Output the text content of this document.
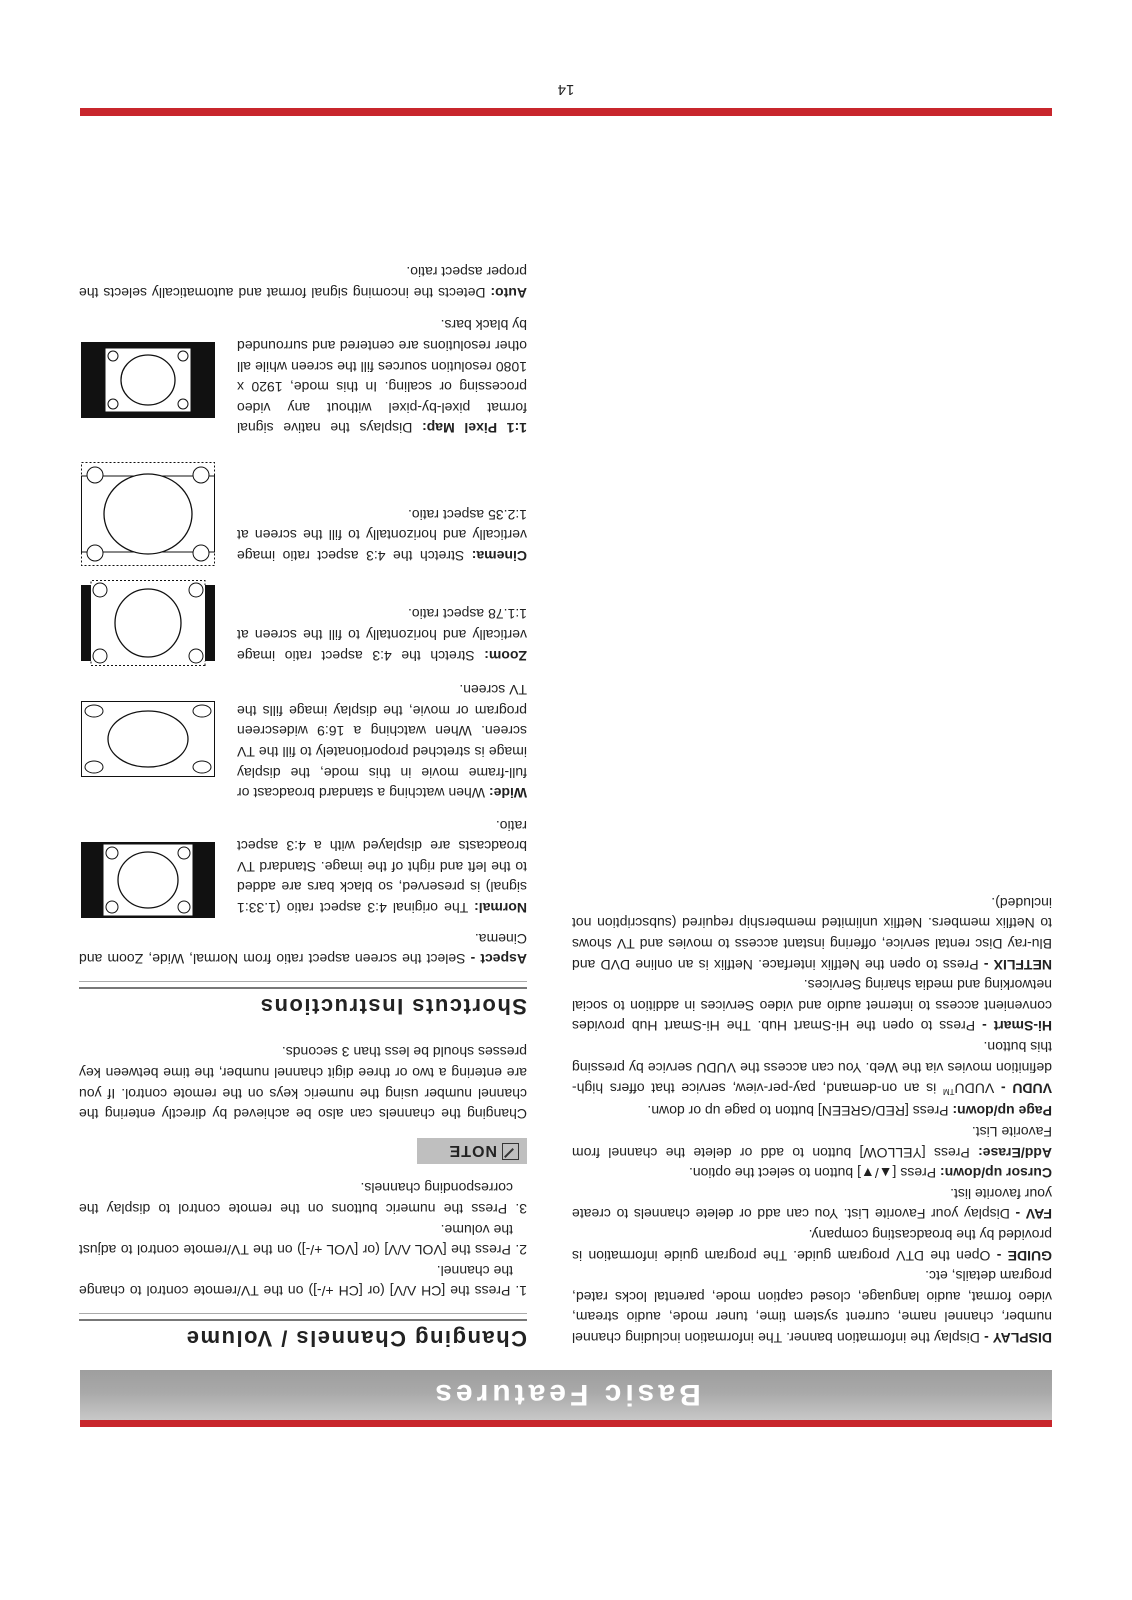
Basic Features

DISPLAY - Display the information banner. The information including channel number, channel name, current system time, tuner mode, audio stream, video format, audio language, closed caption mode, parental locks rated, program details, etc.

GUIDE - Open the DTV program guide. The program guide information is provided by the broadcasting company.

FAV - Display your Favorite List. You can add or delete channels to create your favorite list.

Cursor up/down: Press [▲/▼] button to select the option.

Add/Erase: Press [YELLOW] button to add or delete the channel from Favorite List.

Page up/down: Press [RED/GREEN] button to page up or down.

VUDU - VUDU™ is an on-demand, pay-per-view, service that offers high-definition movies via the Web. You can access the VUDU service by pressing this button.

Hi-Smart - Press to open the Hi-Smart Hub. The Hi-Smart Hub provides convenient access to internet audio and video Services in addition to social networking and media sharing Services.

NETFLIX - Press to open the Netflix interface. Netflix is an online DVD and Blu-ray Disc rental service, offering instant access to movies and TV shows to Netflix members. Netflix unlimited membership required (subscription not included).

Changing Channels / Volume

1. Press the [CH Λ/V] (or [CH +/-]) on the TV/remote control to change the channel.

2. Press the [VOL Λ/V] (or [VOL +/-]) on the TV/remote control to adjust the volume.

3. Press the numeric buttons on the remote control to display the corresponding channels.

NOTE

Changing the channels can also be achieved by directly entering the channel number using the numeric keys on the remote control. If you are entering a two or three digit channel number, the time between key presses should be less than 3 seconds.

Shortcuts Instructions

Aspect - Select the screen aspect ratio from Normal, Wide, Zoom and Cinema.

Normal: The original 4:3 aspect ratio (1.33:1 signal) is preserved, so black bars are added to the left and right of the image. Standard TV broadcasts are displayed with a 4:3 aspect ratio.

Wide: When watching a standard broadcast or full-frame movie in this mode, the display image is stretched proportionately to fill the TV screen. When watching a 16:9 widescreen program or movie, the display image fills the TV screen.

Zoom: Stretch the 4:3 aspect ratio image vertically and horizontally to fill the screen at 1:1.78 aspect ratio.

Cinema: Stretch the 4:3 aspect ratio image vertically and horizontally to fill the screen at 1:2.35 aspect ratio.

1:1 Pixel Map: Displays the native signal format pixel-by-pixel without any video processing or scaling. In this mode, 1920 x 1080 resolution sources fill the screen while all other resolutions are centered and surrounded by black bars.

Auto: Detects the incoming signal format and automatically selects the proper aspect ratio.

14
